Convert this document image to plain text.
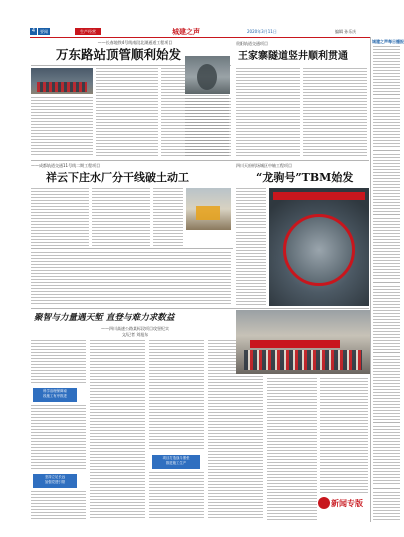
4	要闻	生产经营	城建之声	2020年3月11日	编辑 孙乐庆
——长春地铁4号线南段北湖通道工程项目
万东路站顶管顺利始发
贵阳轨道交通项目
王家寨隧道竖井顺利贯通
——成都轨道交通11号线二期工程项目
祥云下庄水厂分干线破土动工
四川天府机场城区中轴工程项目
“龙驹号”TBM始发
聚智与力量遇天堑 直登与难力求数益
——四川高速公路某标段项目攻坚纪实
文/记者 刘旭东
科学治理保障南
段施工有序推进
坚持立足长远
加强党建引领
项目打造战斗堡垒
推进施工生产
新闻专版
城建之声每日播报
